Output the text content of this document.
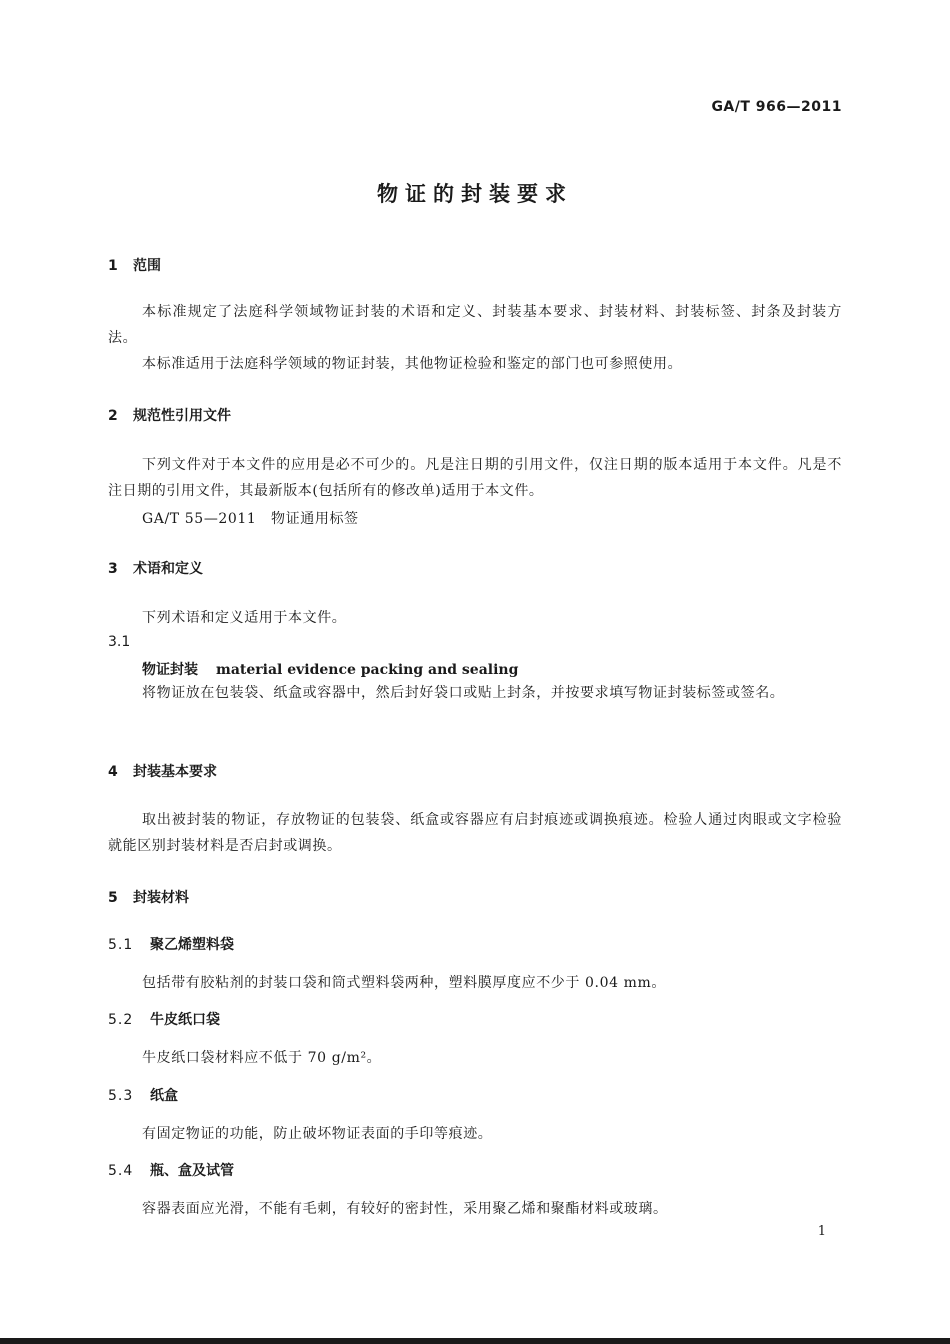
GA/T 966—2011
物证的封装要求
1 范围
本标准规定了法庭科学领域物证封装的术语和定义、封装基本要求、封装材料、封装标签、封条及封装方法。
本标准适用于法庭科学领域的物证封装，其他物证检验和鉴定的部门也可参照使用。
2 规范性引用文件
下列文件对于本文件的应用是必不可少的。凡是注日期的引用文件，仅注日期的版本适用于本文件。凡是不注日期的引用文件，其最新版本(包括所有的修改单)适用于本文件。
GA/T 55—2011　物证通用标签
3 术语和定义
下列术语和定义适用于本文件。
3.1
物证封装 material evidence packing and sealing
将物证放在包装袋、纸盒或容器中，然后封好袋口或贴上封条，并按要求填写物证封装标签或签名。
4 封装基本要求
取出被封装的物证，存放物证的包装袋、纸盒或容器应有启封痕迹或调换痕迹。检验人通过肉眼或文字检验就能区别封装材料是否启封或调换。
5 封装材料
5.1 聚乙烯塑料袋
包括带有胶粘剂的封装口袋和筒式塑料袋两种，塑料膜厚度应不少于 0.04 mm。
5.2 牛皮纸口袋
牛皮纸口袋材料应不低于 70 g/m²。
5.3 纸盒
有固定物证的功能，防止破坏物证表面的手印等痕迹。
5.4 瓶、盒及试管
容器表面应光滑，不能有毛刺，有较好的密封性，采用聚乙烯和聚酯材料或玻璃。
1
